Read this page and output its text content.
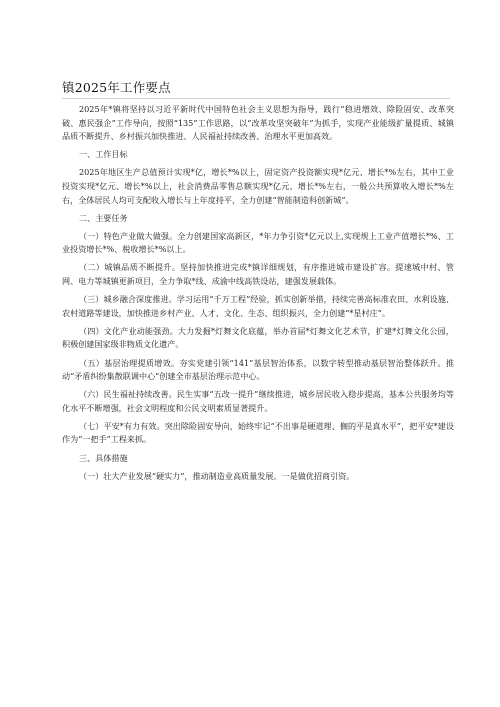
镇2025年工作要点

2025年*镇将坚持以习近平新时代中国特色社会主义思想为指导，践行“稳进增效、除险固安、改革突破、惠民强企”工作导向，按照“135”工作思路，以“改革攻坚突破年”为抓手，实现产业能级扩量提质、城镇品质不断提升、乡村振兴加快推进、人民福祉持续改善、治理水平更加高效。

一、工作目标

2025年地区生产总值预计实现*亿，增长*%以上，固定资产投资额实现*亿元、增长*%左右，其中工业投资实现*亿元、增长*%以上，社会消费品零售总额实现*亿元、增长*%左右，一般公共预算收入增长*%左右，全体居民人均可支配收入增长与上年度持平，全力创建“智能制造科创新城”。

二、主要任务

（一）特色产业做大做强。全力创建国家高新区，*年力争引资*亿元以上,实现规上工业产值增长*%、工业投资增长*%、税收增长*%以上。

（二）城镇品质不断提升。坚持加快推进完成*镇详细规划，有序推进城市建设扩容。提速城中村、管网、电力等城镇更新项目，全力争取*线、成渝中线高铁设站，建强发展载体。

（三）城乡融合深度推进。学习运用“千万工程”经验，抓实创新举措，持续完善高标准农田、水利设施、农村道路等建设，加快推进乡村产业、人才、文化、生态、组织振兴，全力创建“*星村庄”。

（四）文化产业动能强劲。大力发掘*灯舞文化底蕴，举办首届*灯舞文化艺术节，扩建*灯舞文化公园，积极创建国家级非物质文化遗产。

（五）基层治理提质增效。夯实党建引领“141”基层智治体系，以数字转型推动基层智治整体跃升。推动“矛盾纠纷集散联调中心”创建全市基层治理示范中心。

（六）民生福祉持续改善。民生实事“五改一提升”继续推进，城乡居民收入稳步提高，基本公共服务均等化水平不断增强，社会文明程度和公民文明素质显著提升。

（七）平安*有力有效。突出除险固安导向，始终牢记“不出事是硬道理、搁的平是真水平”，把平安*建设作为“一把手”工程来抓。

三、具体措施

（一）壮大产业发展“硬实力”，推动制造业高质量发展。一是做优招商引资。
